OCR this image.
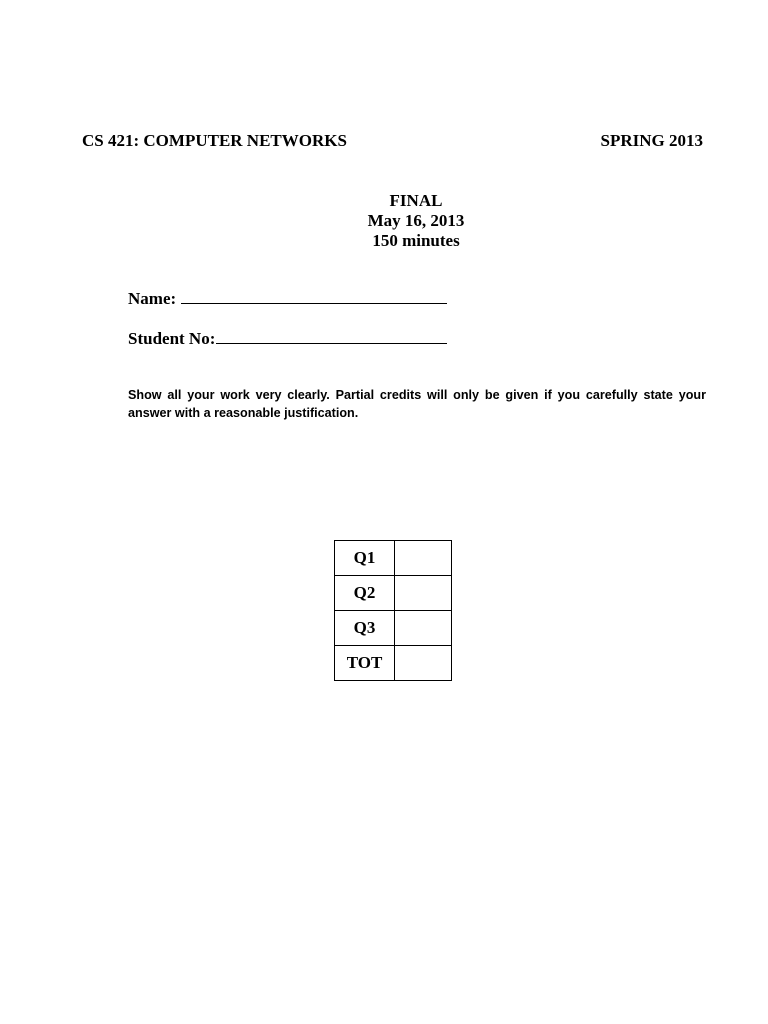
CS 421: COMPUTER NETWORKS	SPRING 2013
FINAL
May 16, 2013
150 minutes
Name:
Student No:
Show all your work very clearly. Partial credits will only be given if you carefully state your answer with a reasonable justification.
Q1	
Q2	
Q3	
TOT	
